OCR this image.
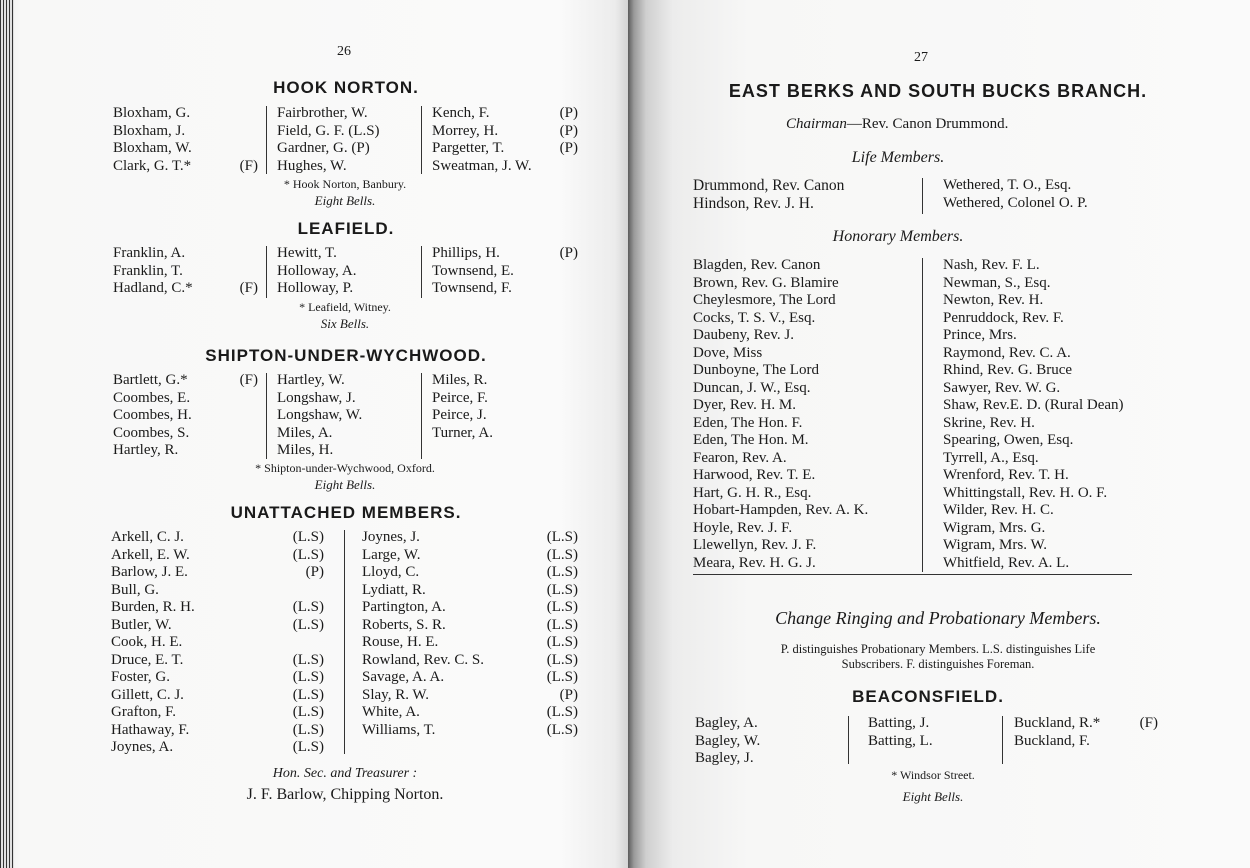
26
HOOK NORTON.
Bloxham, G.
Bloxham, J.
Bloxham, W.
Clark, G. T.*	(F)
Fairbrother, W.
Field, G. F. (L.S)
Gardner, G. (P)
Hughes, W.
Kench, F.
Morrey, H.
Pargetter, T.
Sweatman, J. W.
(P)
(P)
(P)
* Hook Norton, Banbury.
Eight Bells.
LEAFIELD.
Franklin, A.
Franklin, T.
Hadland, C.*	(F)
Hewitt, T.
Holloway, A.
Holloway, P.
Phillips, H.
Townsend, E.
Townsend, F.
(P)
* Leafield, Witney.
Six Bells.
SHIPTON-UNDER-WYCHWOOD.
Bartlett, G.*
Coombes, E.
Coombes, H.
Coombes, S.
Hartley, R.
(F) Hartley, W.
Longshaw, J.
Longshaw, W.
Miles, A.
Miles, H.
Miles, R.
Peirce, F.
Peirce, J.
Turner, A.
* Shipton-under-Wychwood, Oxford.
Eight Bells.
UNATTACHED MEMBERS.
Arkell, C. J.
Arkell, E. W.
Barlow, J. E.
Bull, G.
Burden, R. H.
Butler, W.
Cook, H. E.
Druce, E. T.
Foster, G.
Gillett, C. J.
Grafton, F.
Hathaway, F.
Joynes, A.
(L.S)
(L.S)
(P)
(L.S)
(L.S)
(L.S)
(L.S)
(L.S)
(L.S)
(L.S)
(L.S)
Joynes, J.
Large, W.
Lloyd, C.
Lydiatt, R.
Partington, A.
Roberts, S. R.
Rouse, H. E.
Rowland, Rev. C. S.
Savage, A. A.
Slay, R. W.
White, A.
Williams, T.
(L.S)
(L.S)
(L.S)
(L.S)
(L.S)
(L.S)
(L.S)
(L.S)
(L.S)
(P)
(L.S)
(L.S)
Hon. Sec. and Treasurer :
J. F. Barlow, Chipping Norton.
27
EAST BERKS AND SOUTH BUCKS BRANCH.
Chairman—Rev. Canon Drummond.
Life Members.
Drummond, Rev. Canon
Hindson, Rev. J. H.
Wethered, T. O., Esq.
Wethered, Colonel O. P.
Honorary Members.
Blagden, Rev. Canon
Brown, Rev. G. Blamire
Cheylesmore, The Lord
Cocks, T. S. V., Esq.
Daubeny, Rev. J.
Dove, Miss
Dunboyne, The Lord
Duncan, J. W., Esq.
Dyer, Rev. H. M.
Eden, The Hon. F.
Eden, The Hon. M.
Fearon, Rev. A.
Harwood, Rev. T. E.
Hart, G. H. R., Esq.
Hobart-Hampden, Rev. A. K.
Hoyle, Rev. J. F.
Llewellyn, Rev. J. F.
Meara, Rev. H. G. J.
Nash, Rev. F. L.
Newman, S., Esq.
Newton, Rev. H.
Penruddock, Rev. F.
Prince, Mrs.
Raymond, Rev. C. A.
Rhind, Rev. G. Bruce
Sawyer, Rev. W. G.
Shaw, Rev.E. D. (Rural Dean)
Skrine, Rev. H.
Spearing, Owen, Esq.
Tyrrell, A., Esq.
Wrenford, Rev. T. H.
Whittingstall, Rev. H. O. F.
Wilder, Rev. H. C.
Wigram, Mrs. G.
Wigram, Mrs. W.
Whitfield, Rev. A. L.
Change Ringing and Probationary Members.
P. distinguishes Probationary Members. L.S. distinguishes Life
Subscribers. F. distinguishes Foreman.
BEACONSFIELD.
Bagley, A.
Bagley, W.
Bagley, J.
Batting, J.
Batting, L.
Buckland, R.*
Buckland, F.
(F)
* Windsor Street.
Eight Bells.
